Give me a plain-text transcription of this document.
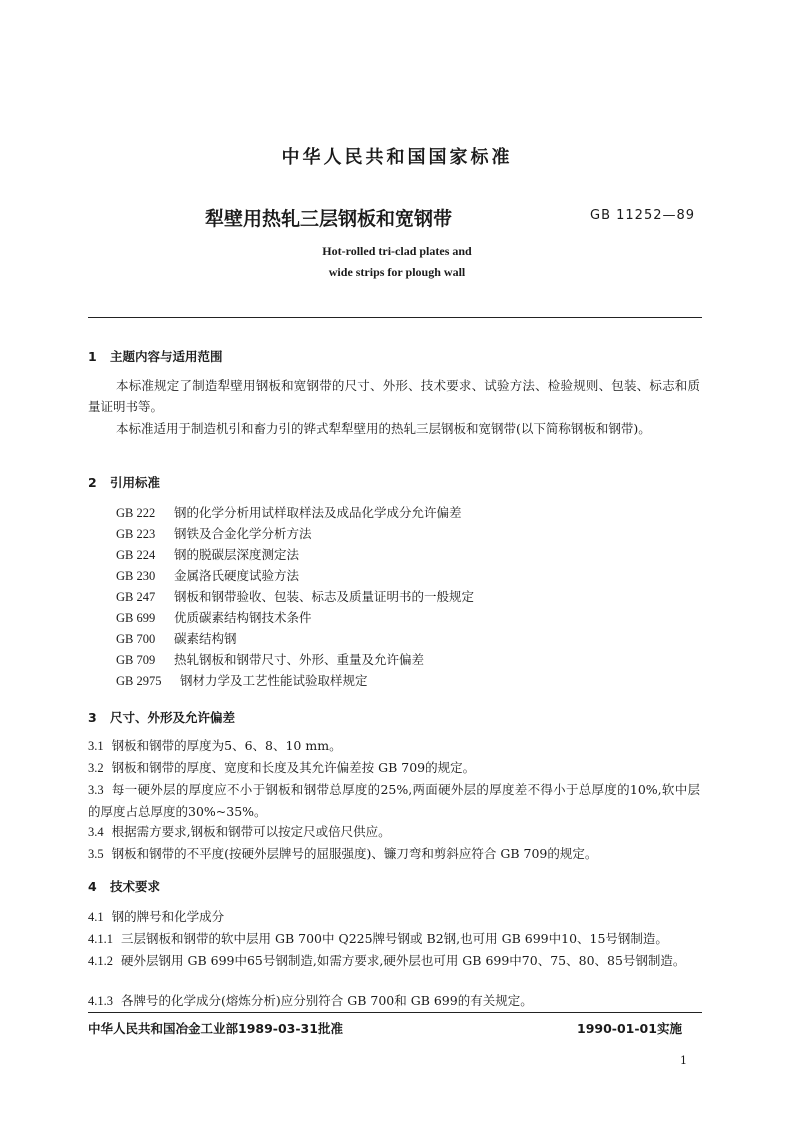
中华人民共和国国家标准
犁壁用热轧三层钢板和宽钢带	GB 11252—89
Hot-rolled tri-clad plates and
wide strips for plough wall
1 主题内容与适用范围
本标准规定了制造犁壁用钢板和宽钢带的尺寸、外形、技术要求、试验方法、检验规则、包装、标志和质量证明书等。
本标准适用于制造机引和畜力引的铧式犁犁壁用的热轧三层钢板和宽钢带(以下简称钢板和钢带)。
2 引用标准
GB 222 钢的化学分析用试样取样法及成品化学成分允许偏差
GB 223 钢铁及合金化学分析方法
GB 224 钢的脱碳层深度测定法
GB 230 金属洛氏硬度试验方法
GB 247 钢板和钢带验收、包装、标志及质量证明书的一般规定
GB 699 优质碳素结构钢技术条件
GB 700 碳素结构钢
GB 709 热轧钢板和钢带尺寸、外形、重量及允许偏差
GB 2975 钢材力学及工艺性能试验取样规定
3 尺寸、外形及允许偏差
3.1 钢板和钢带的厚度为5、6、8、10 mm。
3.2 钢板和钢带的厚度、宽度和长度及其允许偏差按 GB 709的规定。
3.3 每一硬外层的厚度应不小于钢板和钢带总厚度的25%,两面硬外层的厚度差不得小于总厚度的10%,软中层的厚度占总厚度的30%~35%。
3.4 根据需方要求,钢板和钢带可以按定尺或倍尺供应。
3.5 钢板和钢带的不平度(按硬外层牌号的屈服强度)、镰刀弯和剪斜应符合 GB 709的规定。
4 技术要求
4.1 钢的牌号和化学成分
4.1.1 三层钢板和钢带的软中层用 GB 700中 Q225牌号钢或 B2钢,也可用 GB 699中10、15号钢制造。
4.1.2 硬外层钢用 GB 699中65号钢制造,如需方要求,硬外层也可用 GB 699中70、75、80、85号钢制造。
4.1.3 各牌号的化学成分(熔炼分析)应分别符合 GB 700和 GB 699的有关规定。
中华人民共和国冶金工业部1989-03-31批准	1990-01-01实施
1
